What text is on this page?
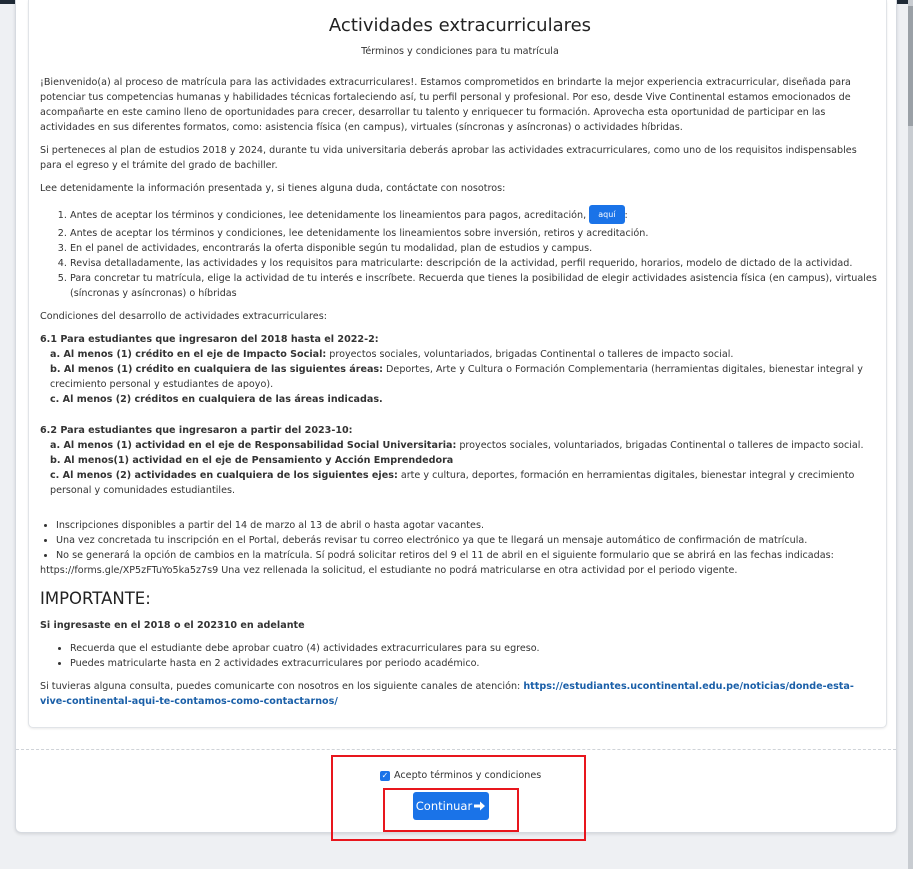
Actividades extracurriculares
Términos y condiciones para tu matrícula

¡Bienvenido(a) al proceso de matrícula para las actividades extracurriculares!. Estamos comprometidos en brindarte la mejor experiencia extracurricular, diseñada para potenciar tus competencias humanas y habilidades técnicas fortaleciendo así, tu perfil personal y profesional. Por eso, desde Vive Continental estamos emocionados de acompañarte en este camino lleno de oportunidades para crecer, desarrollar tu talento y enriquecer tu formación. Aprovecha esta oportunidad de participar en las actividades en sus diferentes formatos, como: asistencia física (en campus), virtuales (síncronas y asíncronas) o actividades híbridas.

Si perteneces al plan de estudios 2018 y 2024, durante tu vida universitaria deberás aprobar las actividades extracurriculares, como uno de los requisitos indispensables para el egreso y el trámite del grado de bachiller.

Lee detenidamente la información presentada y, si tienes alguna duda, contáctate con nosotros:

1. Antes de aceptar los términos y condiciones, lee detenidamente los lineamientos para pagos, acreditación, aquí :
2. Antes de aceptar los términos y condiciones, lee detenidamente los lineamientos sobre inversión, retiros y acreditación.
3. En el panel de actividades, encontrarás la oferta disponible según tu modalidad, plan de estudios y campus.
4. Revisa detalladamente, las actividades y los requisitos para matricularte: descripción de la actividad, perfil requerido, horarios, modelo de dictado de la actividad.
5. Para concretar tu matrícula, elige la actividad de tu interés e inscríbete. Recuerda que tienes la posibilidad de elegir actividades asistencia física (en campus), virtuales (síncronas y asíncronas) o híbridas

Condiciones del desarrollo de actividades extracurriculares:

6.1 Para estudiantes que ingresaron del 2018 hasta el 2022-2:
a. Al menos (1) crédito en el eje de Impacto Social: proyectos sociales, voluntariados, brigadas Continental o talleres de impacto social.
b. Al menos (1) crédito en cualquiera de las siguientes áreas: Deportes, Arte y Cultura o Formación Complementaria (herramientas digitales, bienestar integral y crecimiento personal y estudiantes de apoyo).
c. Al menos (2) créditos en cualquiera de las áreas indicadas.
6.2 Para estudiantes que ingresaron a partir del 2023-10:
a. Al menos (1) actividad en el eje de Responsabilidad Social Universitaria: proyectos sociales, voluntariados, brigadas Continental o talleres de impacto social.
b. Al menos(1) actividad en el eje de Pensamiento y Acción Emprendedora
c. Al menos (2) actividades en cualquiera de los siguientes ejes: arte y cultura, deportes, formación en herramientas digitales, bienestar integral y crecimiento personal y comunidades estudiantiles.
• Inscripciones disponibles a partir del 14 de marzo al 13 de abril o hasta agotar vacantes.
• Una vez concretada tu inscripción en el Portal, deberás revisar tu correo electrónico ya que te llegará un mensaje automático de confirmación de matrícula.
• No se generará la opción de cambios en la matrícula. Sí podrá solicitar retiros del 9 el 11 de abril en el siguiente formulario que se abrirá en las fechas indicadas:
https://forms.gle/XP5zFTuYo5ka5z7s9 Una vez rellenada la solicitud, el estudiante no podrá matricularse en otra actividad por el periodo vigente.
IMPORTANTE:
Si ingresaste en el 2018 o el 202310 en adelante
• Recuerda que el estudiante debe aprobar cuatro (4) actividades extracurriculares para su egreso.
• Puedes matricularte hasta en 2 actividades extracurriculares por periodo académico.
Si tuvieras alguna consulta, puedes comunicarte con nosotros en los siguiente canales de atención: https://estudiantes.ucontinental.edu.pe/noticias/donde-esta-vive-continental-aqui-te-contamos-como-contactarnos/
✓ Acepto términos y condiciones
Continuar
